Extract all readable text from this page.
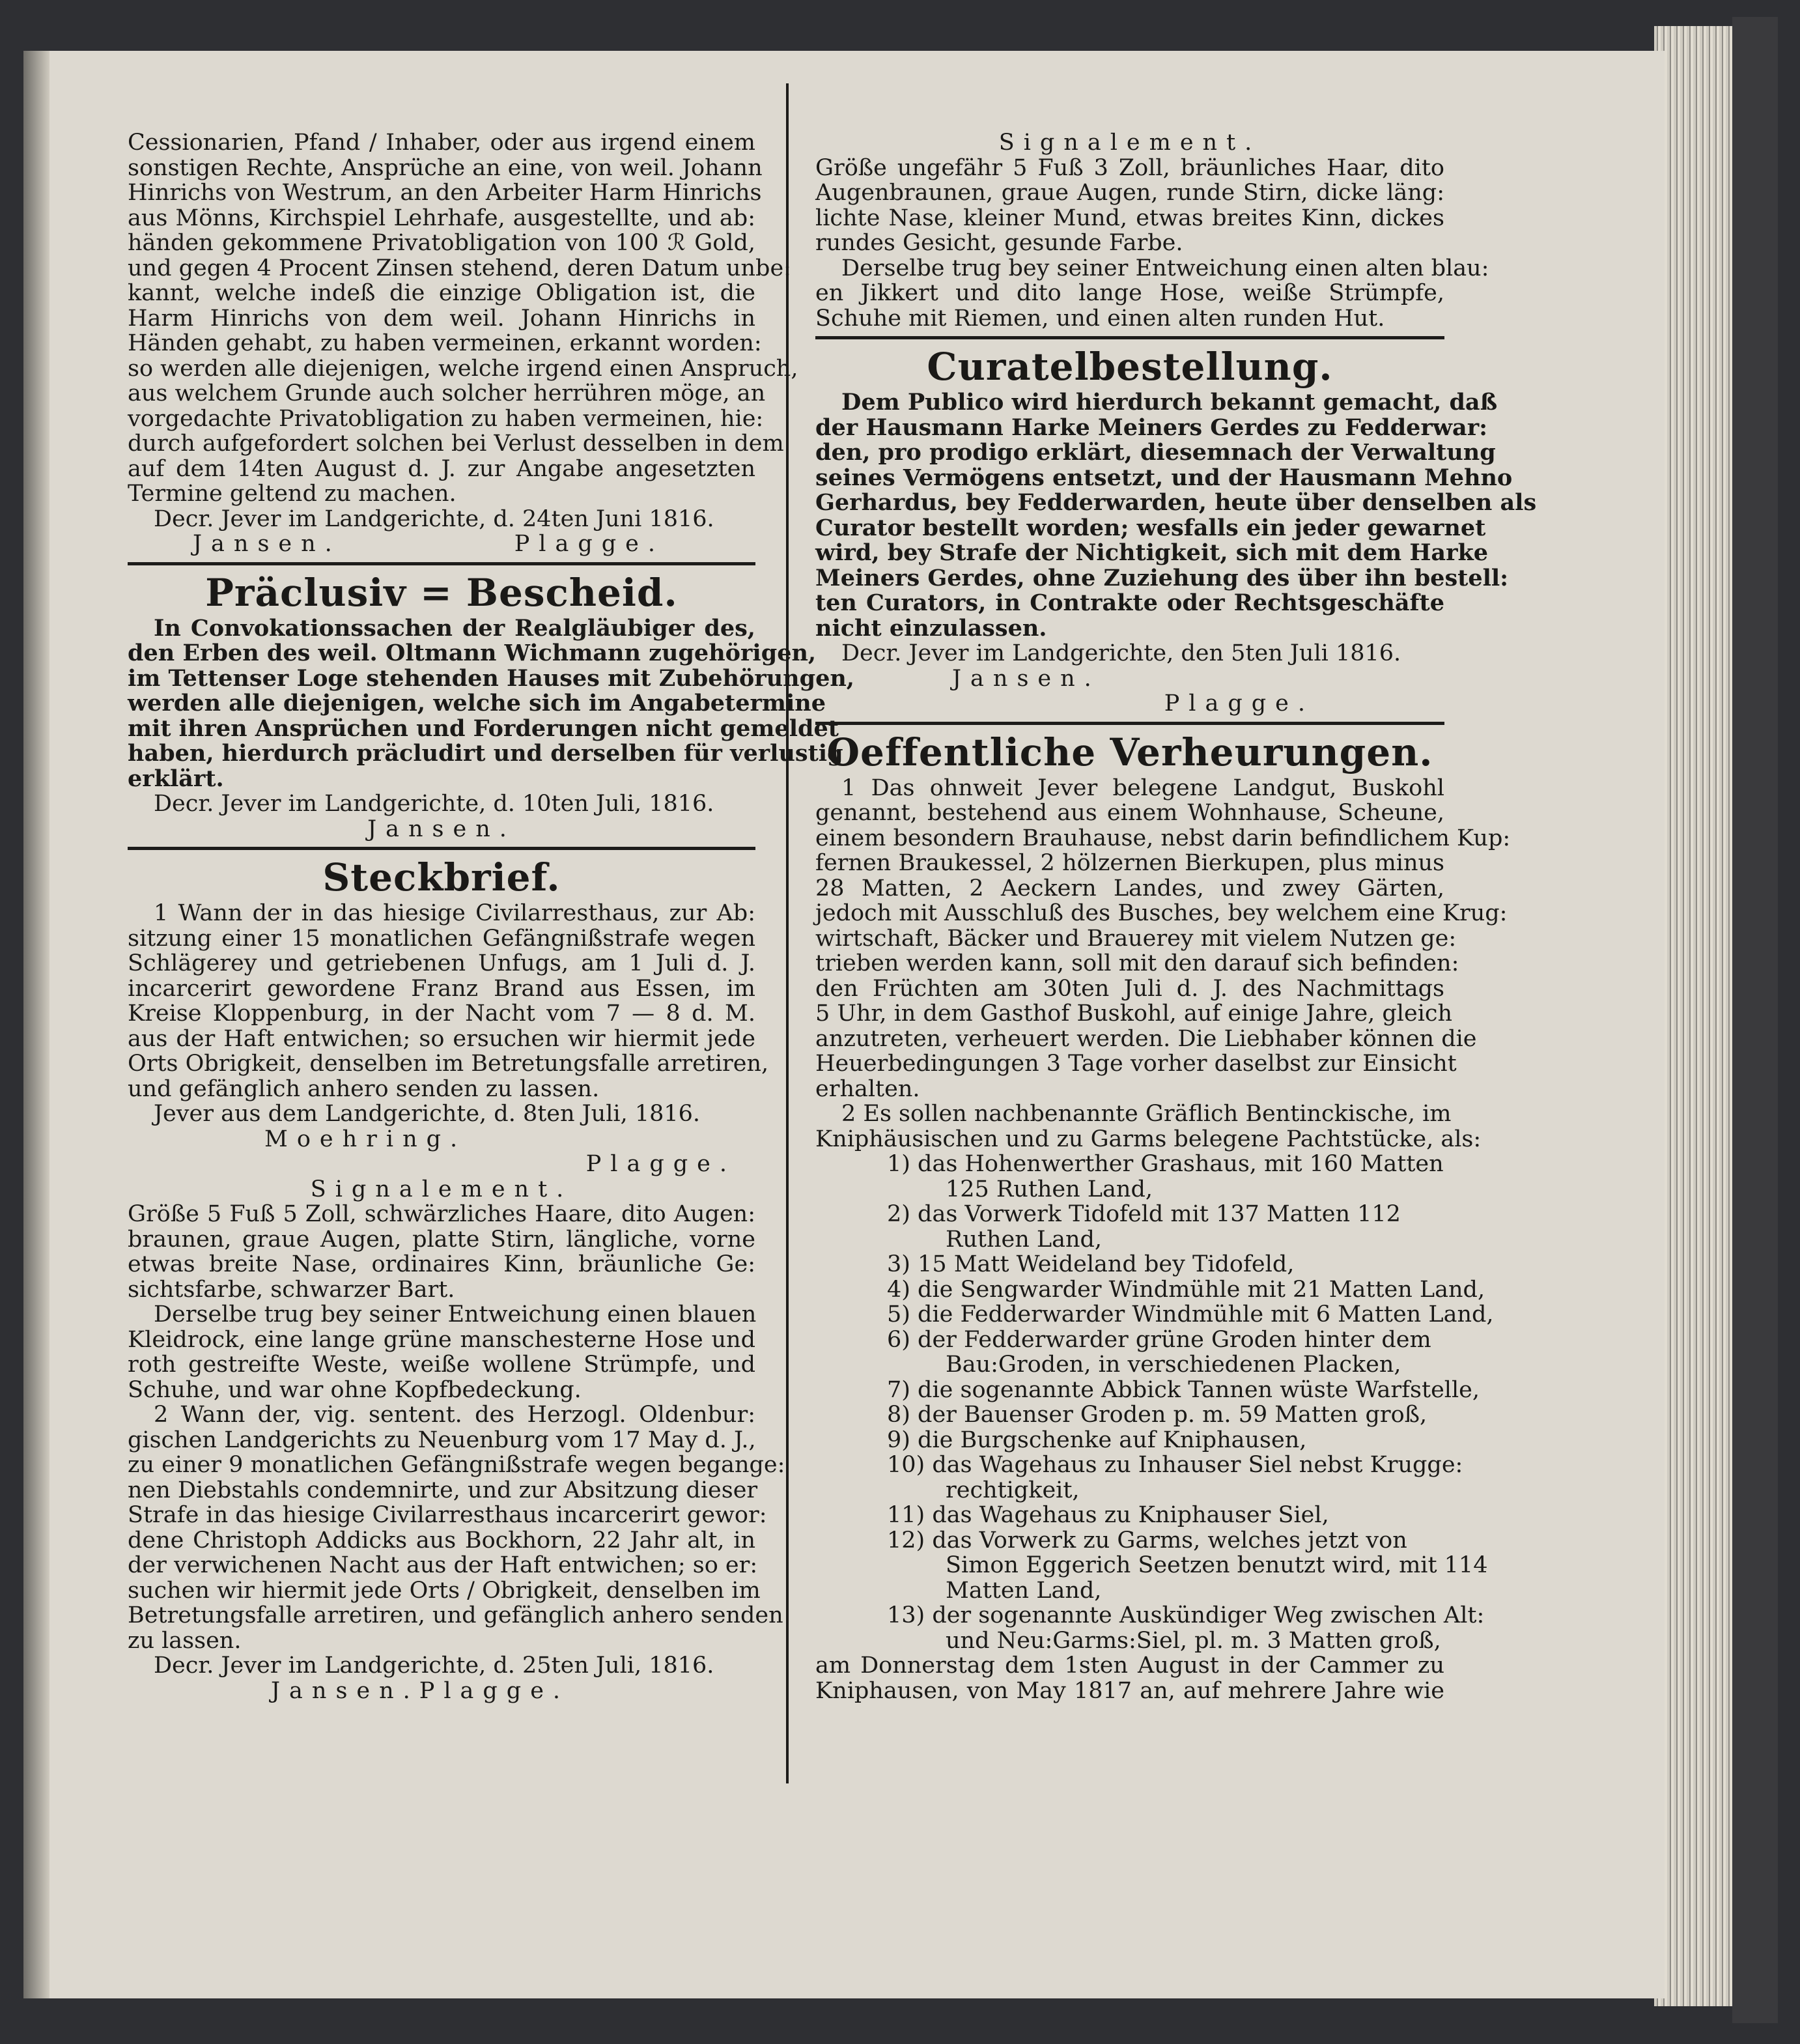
Cessionarien, Pfand / Inhaber, oder aus irgend einem
sonstigen Rechte, Ansprüche an eine, von weil. Johann
Hinrichs von Westrum, an den Arbeiter Harm Hinrichs
aus Mönns, Kirchspiel Lehrhafe, ausgestellte, und ab:
händen gekommene Privatobligation von 100 ℛ Gold,
und gegen 4 Procent Zinsen stehend, deren Datum unbe:
kannt, welche indeß die einzige Obligation ist, die
Harm Hinrichs von dem weil. Johann Hinrichs in
Händen gehabt, zu haben vermeinen, erkannt worden:
so werden alle diejenigen, welche irgend einen Anspruch,
aus welchem Grunde auch solcher herrühren möge, an
vorgedachte Privatobligation zu haben vermeinen, hie:
durch aufgefordert solchen bei Verlust desselben in dem
auf dem 14ten August d. J. zur Angabe angesetzten
Termine geltend zu machen.
Decr. Jever im Landgerichte, d. 24ten Juni 1816.
Jansen.	Plagge.
Präclusiv = Bescheid.
In Convokationssachen der Realgläubiger des,
den Erben des weil. Oltmann Wichmann zugehörigen,
im Tettenser Loge stehenden Hauses mit Zubehörungen,
werden alle diejenigen, welche sich im Angabetermine
mit ihren Ansprüchen und Forderungen nicht gemeldet
haben, hierdurch präcludirt und derselben für verlustig
erklärt.
Decr. Jever im Landgerichte, d. 10ten Juli, 1816.
Jansen.
Steckbrief.
1 Wann der in das hiesige Civilarresthaus, zur Ab:
sitzung einer 15 monatlichen Gefängnißstrafe wegen
Schlägerey und getriebenen Unfugs, am 1 Juli d. J.
incarcerirt gewordene Franz Brand aus Essen, im
Kreise Kloppenburg, in der Nacht vom 7 — 8 d. M.
aus der Haft entwichen; so ersuchen wir hiermit jede
Orts Obrigkeit, denselben im Betretungsfalle arretiren,
und gefänglich anhero senden zu lassen.
Jever aus dem Landgerichte, d. 8ten Juli, 1816.
Moehring.
Plagge.
Signalement.
Größe 5 Fuß 5 Zoll, schwärzliches Haare, dito Augen:
braunen, graue Augen, platte Stirn, längliche, vorne
etwas breite Nase, ordinaires Kinn, bräunliche Ge:
sichtsfarbe, schwarzer Bart.
Derselbe trug bey seiner Entweichung einen blauen
Kleidrock, eine lange grüne manschesterne Hose und
roth gestreifte Weste, weiße wollene Strümpfe, und
Schuhe, und war ohne Kopfbedeckung.
2 Wann der, vig. sentent. des Herzogl. Oldenbur:
gischen Landgerichts zu Neuenburg vom 17 May d. J.,
zu einer 9 monatlichen Gefängnißstrafe wegen begange:
nen Diebstahls condemnirte, und zur Absitzung dieser
Strafe in das hiesige Civilarresthaus incarcerirt gewor:
dene Christoph Addicks aus Bockhorn, 22 Jahr alt, in
der verwichenen Nacht aus der Haft entwichen; so er:
suchen wir hiermit jede Orts / Obrigkeit, denselben im
Betretungsfalle arretiren, und gefänglich anhero senden
zu lassen.
Decr. Jever im Landgerichte, d. 25ten Juli, 1816.
Jansen. Plagge.
Signalement.
Größe ungefähr 5 Fuß 3 Zoll, bräunliches Haar, dito
Augenbraunen, graue Augen, runde Stirn, dicke läng:
lichte Nase, kleiner Mund, etwas breites Kinn, dickes
rundes Gesicht, gesunde Farbe.
Derselbe trug bey seiner Entweichung einen alten blau:
en Jikkert und dito lange Hose, weiße Strümpfe,
Schuhe mit Riemen, und einen alten runden Hut.
Curatelbestellung.
Dem Publico wird hierdurch bekannt gemacht, daß
der Hausmann Harke Meiners Gerdes zu Fedderwar:
den, pro prodigo erklärt, diesemnach der Verwaltung
seines Vermögens entsetzt, und der Hausmann Mehno
Gerhardus, bey Fedderwarden, heute über denselben als
Curator bestellt worden; wesfalls ein jeder gewarnet
wird, bey Strafe der Nichtigkeit, sich mit dem Harke
Meiners Gerdes, ohne Zuziehung des über ihn bestell:
ten Curators, in Contrakte oder Rechtsgeschäfte
nicht einzulassen.
Decr. Jever im Landgerichte, den 5ten Juli 1816.
Jansen.
Plagge.
Oeffentliche Verheurungen.
1 Das ohnweit Jever belegene Landgut, Buskohl
genannt, bestehend aus einem Wohnhause, Scheune,
einem besondern Brauhause, nebst darin befindlichem Kup:
fernen Braukessel, 2 hölzernen Bierkupen, plus minus
28 Matten, 2 Aeckern Landes, und zwey Gärten,
jedoch mit Ausschluß des Busches, bey welchem eine Krug:
wirtschaft, Bäcker und Brauerey mit vielem Nutzen ge:
trieben werden kann, soll mit den darauf sich befinden:
den Früchten am 30ten Juli d. J. des Nachmittags
5 Uhr, in dem Gasthof Buskohl, auf einige Jahre, gleich
anzutreten, verheuert werden. Die Liebhaber können die
Heuerbedingungen 3 Tage vorher daselbst zur Einsicht
erhalten.
2 Es sollen nachbenannte Gräflich Bentinckische, im
Kniphäusischen und zu Garms belegene Pachtstücke, als:
1) das Hohenwerther Grashaus, mit 160 Matten
125 Ruthen Land,
2) das Vorwerk Tidofeld mit 137 Matten 112
Ruthen Land,
3) 15 Matt Weideland bey Tidofeld,
4) die Sengwarder Windmühle mit 21 Matten Land,
5) die Fedderwarder Windmühle mit 6 Matten Land,
6) der Fedderwarder grüne Groden hinter dem
Bau:Groden, in verschiedenen Placken,
7) die sogenannte Abbick Tannen wüste Warfstelle,
8) der Bauenser Groden p. m. 59 Matten groß,
9) die Burgschenke auf Kniphausen,
10) das Wagehaus zu Inhauser Siel nebst Kruggе:
rechtigkeit,
11) das Wagehaus zu Kniphauser Siel,
12) das Vorwerk zu Garms, welches jetzt von
Simon Eggerich Seetzen benutzt wird, mit 114
Matten Land,
13) der sogenannte Auskündiger Weg zwischen Alt:
und Neu:Garms:Siel, pl. m. 3 Matten groß,
am Donnerstag dem 1sten August in der Cammer zu
Kniphausen, von May 1817 an, auf mehrere Jahre wie
